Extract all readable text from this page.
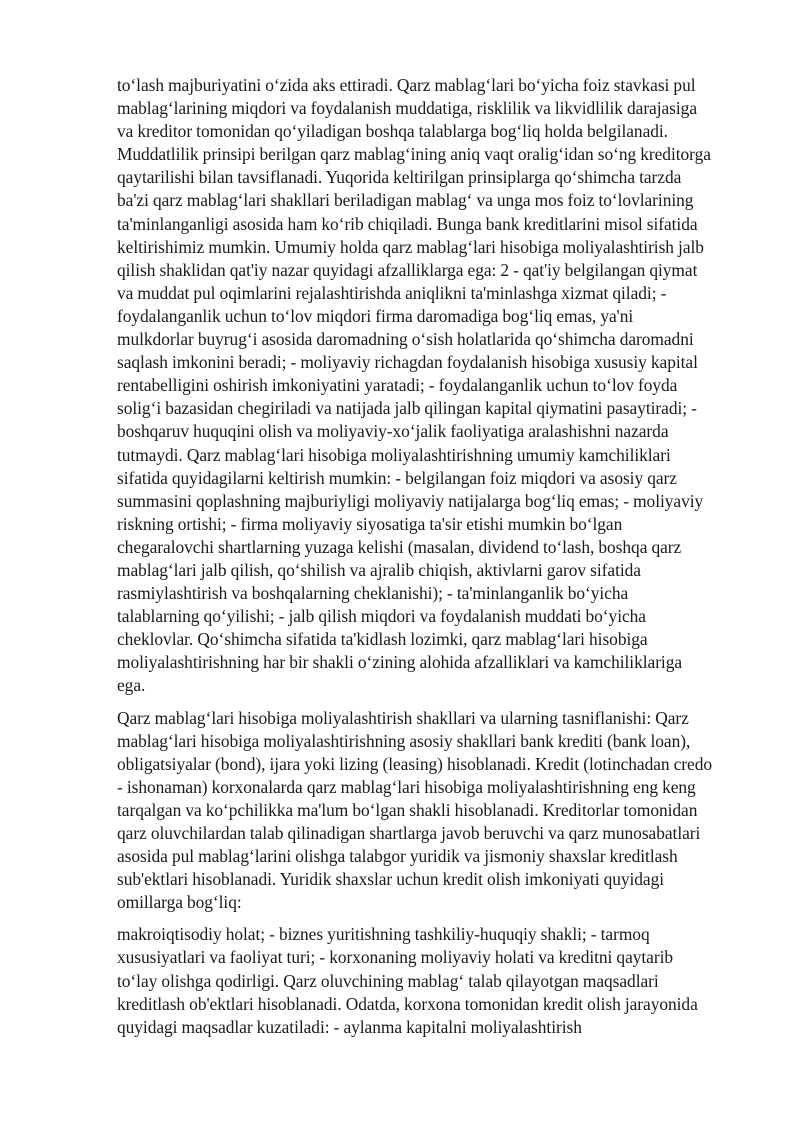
to‘lash majburiyatini o‘zida aks ettiradi. Qarz mablag‘lari bo‘yicha foiz stavkasi pul mablag‘larining miqdori va foydalanish muddatiga, risklilik va likvidlilik darajasiga va kreditor tomonidan qo‘yiladigan boshqa talablarga bog‘liq holda belgilanadi. Muddatlilik prinsipi berilgan qarz mablag‘ining aniq vaqt oralig‘idan so‘ng kreditorga qaytarilishi bilan tavsiflanadi. Yuqorida keltirilgan prinsiplarga qo‘shimcha tarzda ba'zi qarz mablag‘lari shakllari beriladigan mablag‘ va unga mos foiz to‘lovlarining ta'minlanganligi asosida ham ko‘rib chiqiladi. Bunga bank kreditlarini misol sifatida keltirishimiz mumkin. Umumiy holda qarz mablag‘lari hisobiga moliyalashtirish jalb qilish shaklidan qat'iy nazar quyidagi afzalliklarga ega: 2 - qat'iy belgilangan qiymat va muddat pul oqimlarini rejalashtirishda aniqlikni ta'minlashga xizmat qiladi; - foydalanganlik uchun to‘lov miqdori firma daromadiga bog‘liq emas, ya'ni mulkdorlar buyrug‘i asosida daromadning o‘sish holatlarida qo‘shimcha daromadni saqlash imkonini beradi; - moliyaviy richagdan foydalanish hisobiga xususiy kapital rentabelligini oshirish imkoniyatini yaratadi; - foydalanganlik uchun to‘lov foyda solig‘i bazasidan chegiriladi va natijada jalb qilingan kapital qiymatini pasaytiradi; - boshqaruv huquqini olish va moliyaviy-xo‘jalik faoliyatiga aralashishni nazarda tutmaydi. Qarz mablag‘lari hisobiga moliyalashtirishning umumiy kamchiliklari sifatida quyidagilarni keltirish mumkin: - belgilangan foiz miqdori va asosiy qarz summasini qoplashning majburiyligi moliyaviy natijalarga bog‘liq emas; - moliyaviy riskning ortishi; - firma moliyaviy siyosatiga ta'sir etishi mumkin bo‘lgan chegaralovchi shartlarning yuzaga kelishi (masalan, dividend to‘lash, boshqa qarz mablag‘lari jalb qilish, qo‘shilish va ajralib chiqish, aktivlarni garov sifatida rasmiylashtirish va boshqalarning cheklanishi); - ta'minlanganlik bo‘yicha talablarning qo‘yilishi; - jalb qilish miqdori va foydalanish muddati bo‘yicha cheklovlar. Qo‘shimcha sifatida ta'kidlash lozimki, qarz mablag‘lari hisobiga moliyalashtirishning har bir shakli o‘zining alohida afzalliklari va kamchiliklariga ega.

Qarz mablag‘lari hisobiga moliyalashtirish shakllari va ularning tasniflanishi: Qarz mablag‘lari hisobiga moliyalashtirishning asosiy shakllari bank krediti (bank loan), obligatsiyalar (bond), ijara yoki lizing (leasing) hisoblanadi. Kredit (lotinchadan credo - ishonaman) korxonalarda qarz mablag‘lari hisobiga moliyalashtirishning eng keng tarqalgan va ko‘pchilikka ma'lum bo‘lgan shakli hisoblanadi. Kreditorlar tomonidan qarz oluvchilardan talab qilinadigan shartlarga javob beruvchi va qarz munosabatlari asosida pul mablag‘larini olishga talabgor yuridik va jismoniy shaxslar kreditlash sub'ektlari hisoblanadi. Yuridik shaxslar uchun kredit olish imkoniyati quyidagi omillarga bog‘liq:

makroiqtisodiy holat; - biznes yuritishning tashkiliy-huquqiy shakli; - tarmoq xususiyatlari va faoliyat turi; - korxonaning moliyaviy holati va kreditni qaytarib to‘lay olishga qodirligi. Qarz oluvchining mablag‘ talab qilayotgan maqsadlari kreditlash ob'ektlari hisoblanadi. Odatda, korxona tomonidan kredit olish jarayonida quyidagi maqsadlar kuzatiladi: - aylanma kapitalni moliyalashtirish
